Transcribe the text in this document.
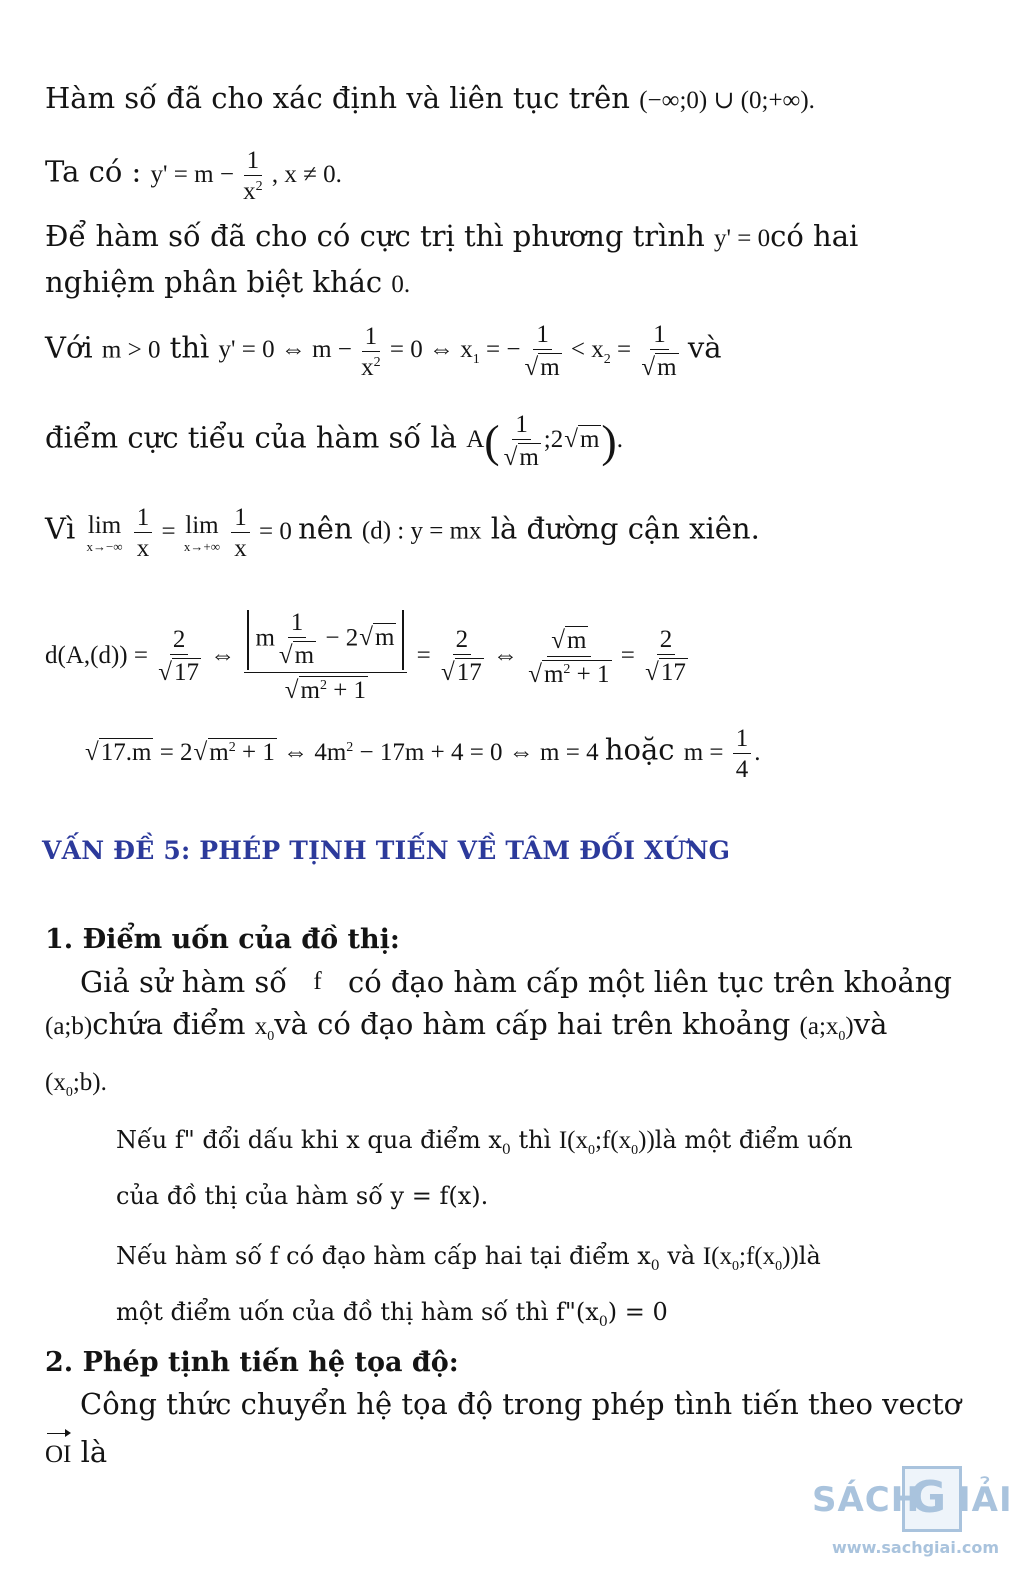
Hàm số đã cho xác định và liên tục trên (−∞;0) ∪ (0;+∞).
Ta có : $y' = m - \frac{1}{x^2}$ , x ≠ 0.
Để hàm số đã cho có cực trị thì phương trình y' = 0có hai
nghiệm phân biệt khác 0.
Với m > 0 thì y' = 0 ⇔ $m - \frac{1}{x^2} = 0$ ⇔ $x_1$ = − 1
√ $m < x_2 = 1$
√ m và
điểm cực tiểu của hàm số là A( 1
√ m ;2 √ m).
Vì lim
x→−∞
$\frac{1}{x} = \lim$
x→+∞
$\frac{1}{x} = 0$ nên (d) : y = mx là đường cận xiên.
d(A,(d)) = 2
√ 17 ⇔ m 1
√ m − 2 √ m
√ $m^2 + 1 = 2$
√ 17 ⇔ √ m
√ $m^2 + 1 = 2$
√ 17
√ 17.m = 2 √ $m^2 + 1$ ⇔ $4m^2 - 17m + 4 = 0$ ⇔ m = 4 hoặc $m = \frac{1}{4}$ .
VẤN ĐỀ 5: PHÉP TỊNH TIẾN VỀ TÂM ĐỐI XỨNG
1. Điểm uốn của đồ thị:
Giả sử hàm số f có đạo hàm cấp một liên tục trên khoảng
(a;b)chứa điểm $x_0và$ có đạo hàm cấp hai trên khoảng $(a;x_0)và$
$(x_0;b)$.
Nếu f" đổi dấu khi x qua điểm $x_0$ thì $I(x_0;f(x_0))là$ một điểm uốn
của đồ thị của hàm số y = f(x).
Nếu hàm số f có đạo hàm cấp hai tại điểm $x_0$ và $I(x_0;f(x_0))là$
một điểm uốn của đồ thị hàm số thì $f"(x_0) = 0$
2. Phép tịnh tiến hệ tọa độ:
Công thức chuyển hệ tọa độ trong phép tình tiến theo vectơ
OI là
SÁCH
G IẢI
www.sachgiai.com
